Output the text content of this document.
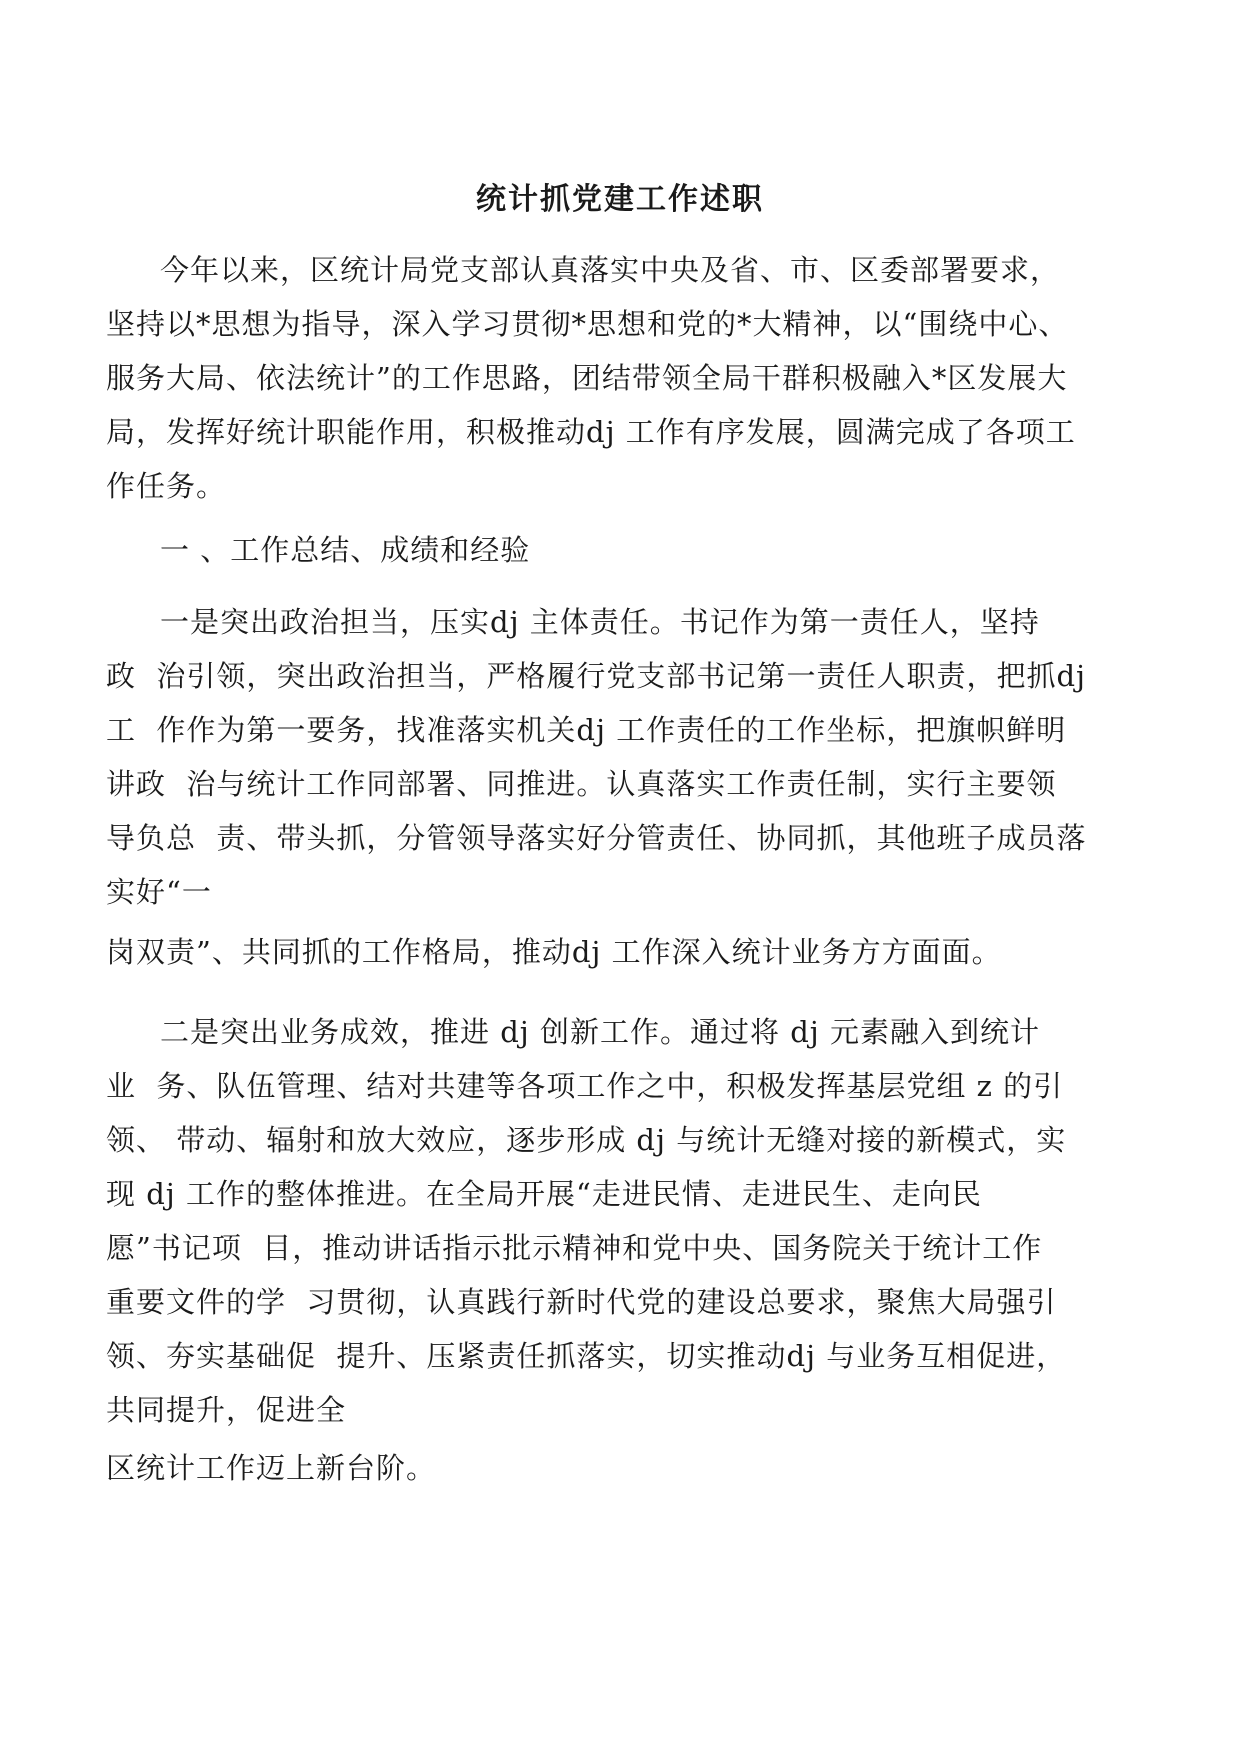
统计抓党建工作述职
今年以来，区统计局党支部认真落实中央及省、市、区委部署要求，
坚持以*思想为指导，深入学习贯彻*思想和党的*大精神，以“围绕中心、
服务大局、依法统计”的工作思路，团结带领全局干群积极融入*区发展大
局，发挥好统计职能作用，积极推动dj 工作有序发展，圆满完成了各项工
作任务。
一 、工作总结、成绩和经验
一是突出政治担当，压实dj 主体责任。书记作为第一责任人，坚持
政  治引领，突出政治担当，严格履行党支部书记第一责任人职责，把抓dj
工  作作为第一要务，找准落实机关dj 工作责任的工作坐标，把旗帜鲜明
讲政  治与统计工作同部署、同推进。认真落实工作责任制，实行主要领
导负总  责、带头抓，分管领导落实好分管责任、协同抓，其他班子成员落
实好“一
岗双责”、共同抓的工作格局，推动dj 工作深入统计业务方方面面。
二是突出业务成效，推进 dj 创新工作。通过将 dj 元素融入到统计
业  务、队伍管理、结对共建等各项工作之中，积极发挥基层党组 z 的引
领、 带动、辐射和放大效应，逐步形成 dj 与统计无缝对接的新模式，实
现 dj 工作的整体推进。在全局开展“走进民情、走进民生、走向民
愿”书记项  目，推动讲话指示批示精神和党中央、国务院关于统计工作
重要文件的学  习贯彻，认真践行新时代党的建设总要求，聚焦大局强引
领、夯实基础促  提升、压紧责任抓落实，切实推动dj 与业务互相促进，
共同提升，促进全
区统计工作迈上新台阶。
